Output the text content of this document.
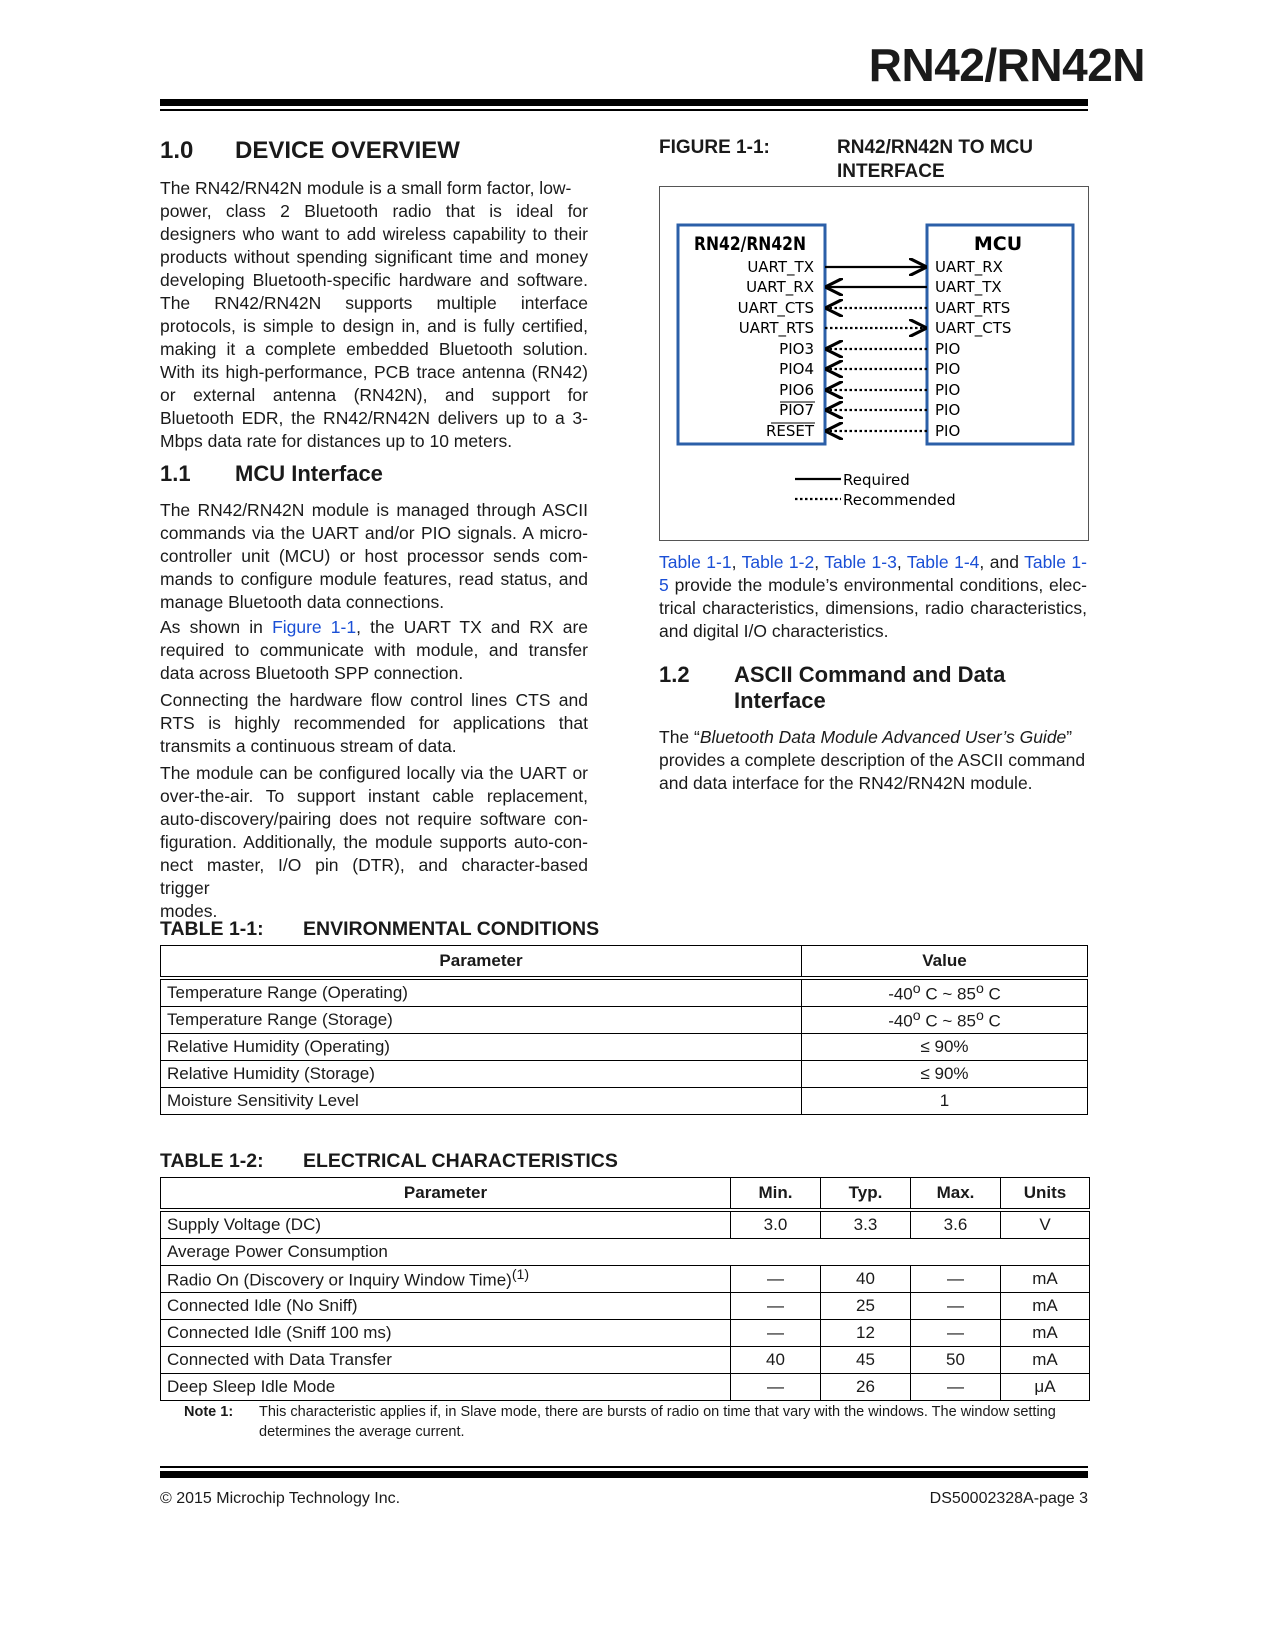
RN42/RN42N
1.0 DEVICE OVERVIEW
The RN42/RN42N module is a small form factor, low-
power, class 2 Bluetooth radio that is ideal for
designers who want to add wireless capability to their
products without spending significant time and money
developing Bluetooth-specific hardware and software.
The RN42/RN42N supports multiple interface
protocols, is simple to design in, and is fully certified,
making it a complete embedded Bluetooth solution.
With its high-performance, PCB trace antenna (RN42)
or external antenna (RN42N), and support for
Bluetooth EDR, the RN42/RN42N delivers up to a 3-
Mbps data rate for distances up to 10 meters.
1.1 MCU Interface
The RN42/RN42N module is managed through ASCII
commands via the UART and/or PIO signals. A micro-
controller unit (MCU) or host processor sends com-
mands to configure module features, read status, and
manage Bluetooth data connections.
As shown in Figure 1-1, the UART TX and RX are
required to communicate with module, and transfer
data across Bluetooth SPP connection.
Connecting the hardware flow control lines CTS and
RTS is highly recommended for applications that
transmits a continuous stream of data.
The module can be configured locally via the UART or
over-the-air. To support instant cable replacement,
auto-discovery/pairing does not require software con-
figuration. Additionally, the module supports auto-con-
nect master, I/O pin (DTR), and character-based trigger
modes.
FIGURE 1-1:	RN42/RN42N TO MCU
INTERFACE
RN42/RN42N	MCU
UART_TX
UART_RX
UART_CTS
UART_RTS
PIO3
PIO4
PIO6
PIO7
RESET
UART_RX
UART_TX
UART_RTS
UART_CTS
PIO
PIO
PIO
PIO
PIO
Required
Recommended
Table 1-1, Table 1-2, Table 1-3, Table 1-4, and Table 1-
5 provide the module’s environmental conditions, elec-
trical characteristics, dimensions, radio characteristics,
and digital I/O characteristics.
1.2 ASCII Command and Data
Interface
The “Bluetooth Data Module Advanced User’s Guide”
provides a complete description of the ASCII command
and data interface for the RN42/RN42N module.
TABLE 1-1: ENVIRONMENTAL CONDITIONS
Parameter	Value
Temperature Range (Operating)	-40$^o$ C ~ 85$^o$ C
Temperature Range (Storage)	-40$^o$ C ~ 85$^o$ C
Relative Humidity (Operating)	≤ 90%
Relative Humidity (Storage)	≤ 90%
Moisture Sensitivity Level	1
TABLE 1-2: ELECTRICAL CHARACTERISTICS
Parameter	Min.	Typ.	Max.	Units
Supply Voltage (DC)	3.0	3.3	3.6	V
Average Power Consumption				
Radio On (Discovery or Inquiry Window Time)$^{(1)}$	—	40	—	mA
Connected Idle (No Sniff)	—	25	—	mA
Connected Idle (Sniff 100 ms)	—	12	—	mA
Connected with Data Transfer	40	45	50	mA
Deep Sleep Idle Mode	—	26	—	μA
Note 1: This characteristic applies if, in Slave mode, there are bursts of radio on time that vary with the windows. The window setting
determines the average current.
© 2015 Microchip Technology Inc.	DS50002328A-page 3
